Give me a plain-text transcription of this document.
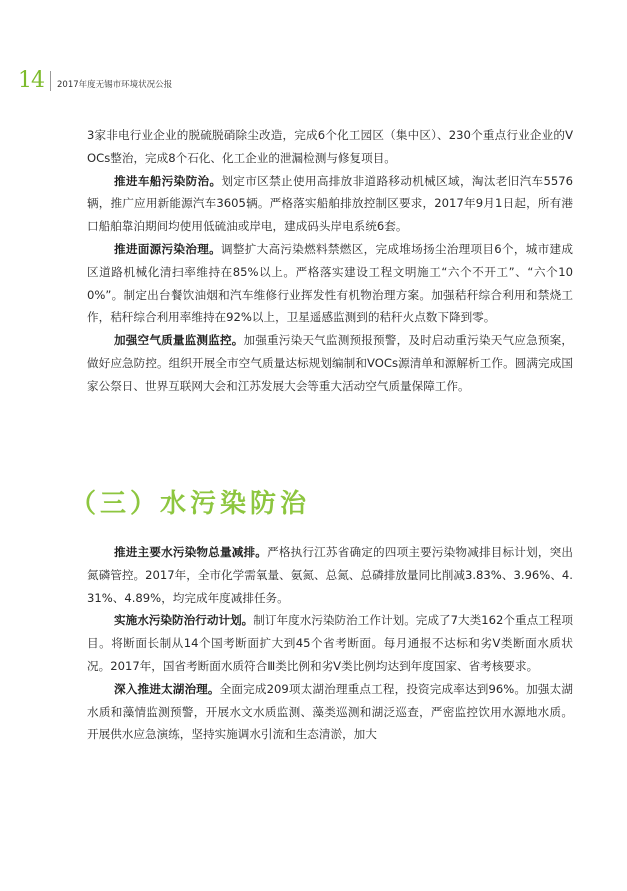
14 2017年度无锡市环境状况公报

3家非电行业企业的脱硫脱硝除尘改造，完成6个化工园区（集中区）、230个重点行业企业的VOCs整治，完成8个石化、化工企业的泄漏检测与修复项目。

推进车船污染防治。划定市区禁止使用高排放非道路移动机械区域，淘汰老旧汽车5576辆，推广应用新能源汽车3605辆。严格落实船舶排放控制区要求，2017年9月1日起，所有港口船舶靠泊期间均使用低硫油或岸电，建成码头岸电系统6套。

推进面源污染治理。调整扩大高污染燃料禁燃区，完成堆场扬尘治理项目6个，城市建成区道路机械化清扫率维持在85%以上。严格落实建设工程文明施工“六个不开工”、“六个100%”。制定出台餐饮油烟和汽车维修行业挥发性有机物治理方案。加强秸秆综合利用和禁烧工作，秸秆综合利用率维持在92%以上，卫星遥感监测到的秸秆火点数下降到零。

加强空气质量监测监控。加强重污染天气监测预报预警，及时启动重污染天气应急预案，做好应急防控。组织开展全市空气质量达标规划编制和VOCs源清单和源解析工作。圆满完成国家公祭日、世界互联网大会和江苏发展大会等重大活动空气质量保障工作。

（三）水污染防治

推进主要水污染物总量减排。严格执行江苏省确定的四项主要污染物减排目标计划，突出氮磷管控。2017年，全市化学需氧量、氨氮、总氮、总磷排放量同比削减3.83%、3.96%、4.31%、4.89%，均完成年度减排任务。

实施水污染防治行动计划。制订年度水污染防治工作计划。完成了7大类162个重点工程项目。将断面长制从14个国考断面扩大到45个省考断面。每月通报不达标和劣V类断面水质状况。2017年，国省考断面水质符合Ⅲ类比例和劣V类比例均达到年度国家、省考核要求。

深入推进太湖治理。全面完成209项太湖治理重点工程，投资完成率达到96%。加强太湖水质和藻情监测预警，开展水文水质监测、藻类巡测和湖泛巡查，严密监控饮用水源地水质。开展供水应急演练，坚持实施调水引流和生态清淤，加大
